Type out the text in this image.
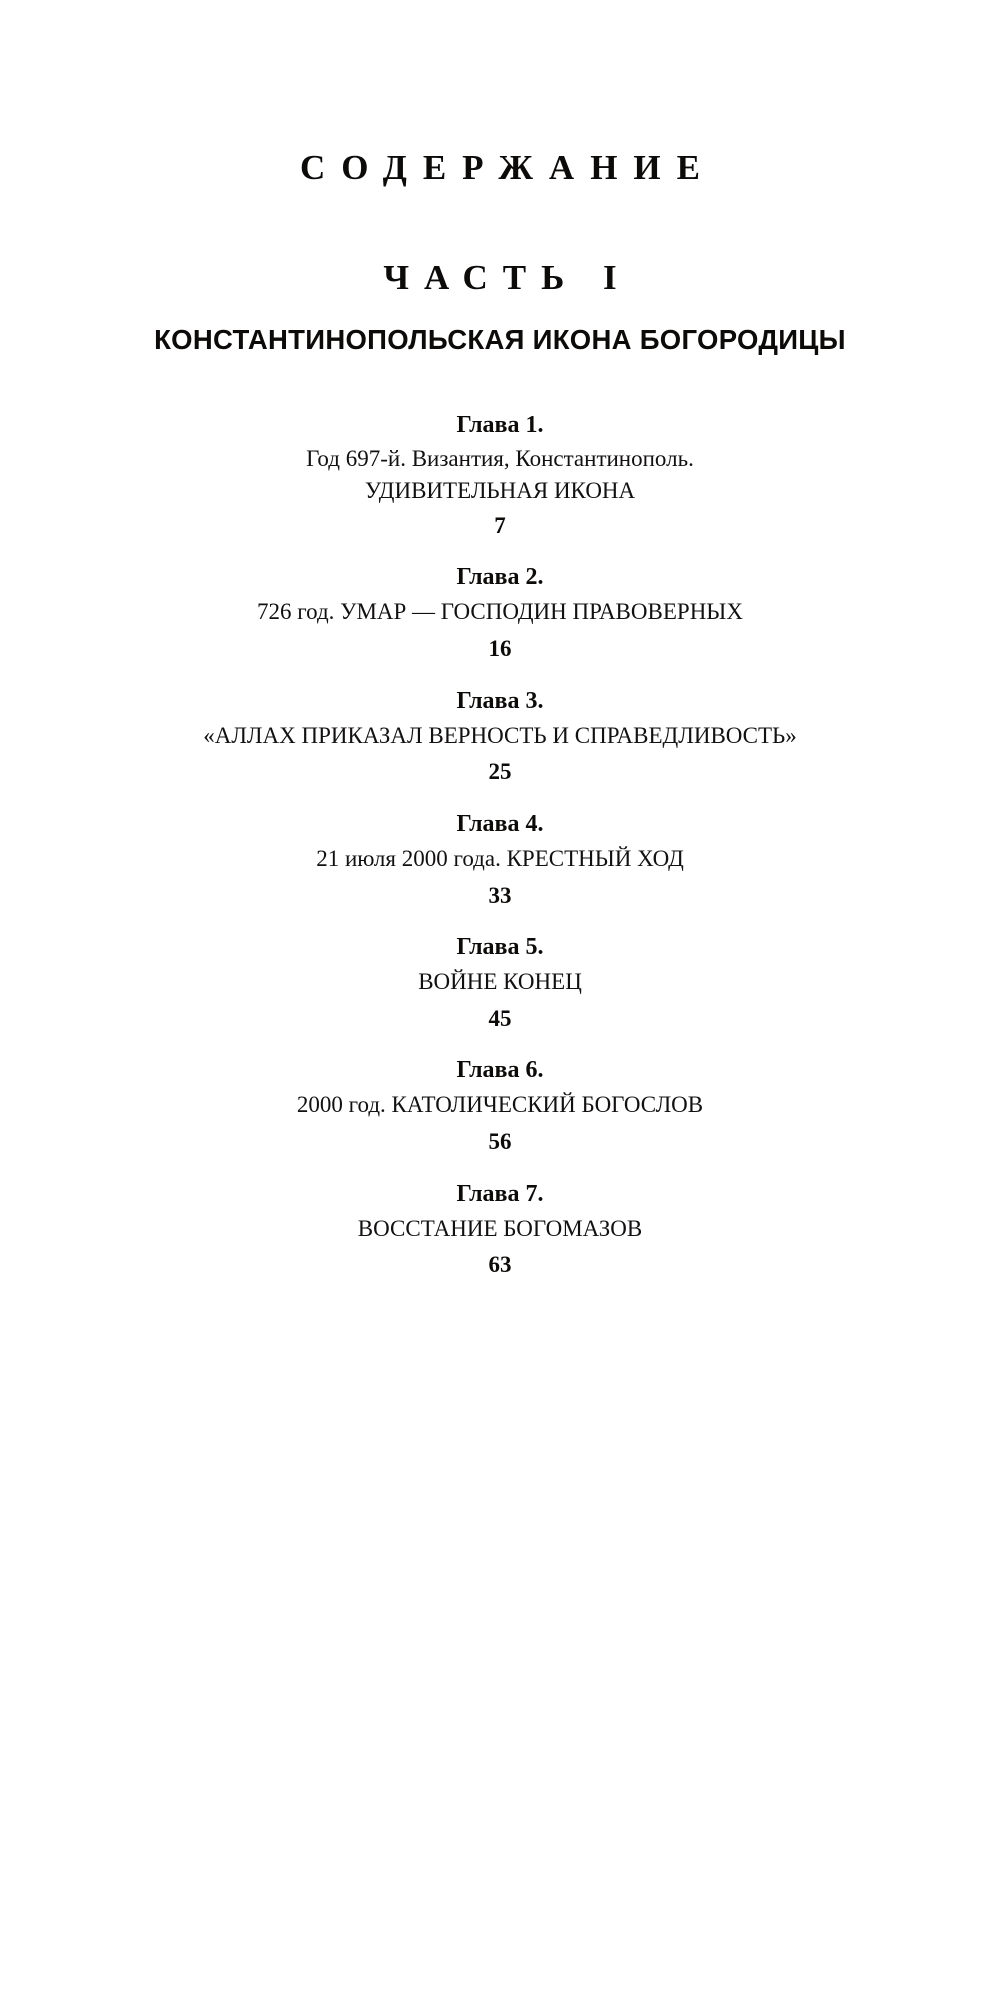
СОДЕРЖАНИЕ
ЧАСТЬ I
КОНСТАНТИНОПОЛЬСКАЯ ИКОНА БОГОРОДИЦЫ
Глава 1.
Год 697-й. Византия, Константинополь.
УДИВИТЕЛЬНАЯ ИКОНА
7
Глава 2.
726 год. УМАР — ГОСПОДИН ПРАВОВЕРНЫХ
16
Глава 3.
«АЛЛАХ ПРИКАЗАЛ ВЕРНОСТЬ И СПРАВЕДЛИВОСТЬ»
25
Глава 4.
21 июля 2000 года. КРЕСТНЫЙ ХОД
33
Глава 5.
ВОЙНЕ КОНЕЦ
45
Глава 6.
2000 год. КАТОЛИЧЕСКИЙ БОГОСЛОВ
56
Глава 7.
ВОССТАНИЕ БОГОМАЗОВ
63
